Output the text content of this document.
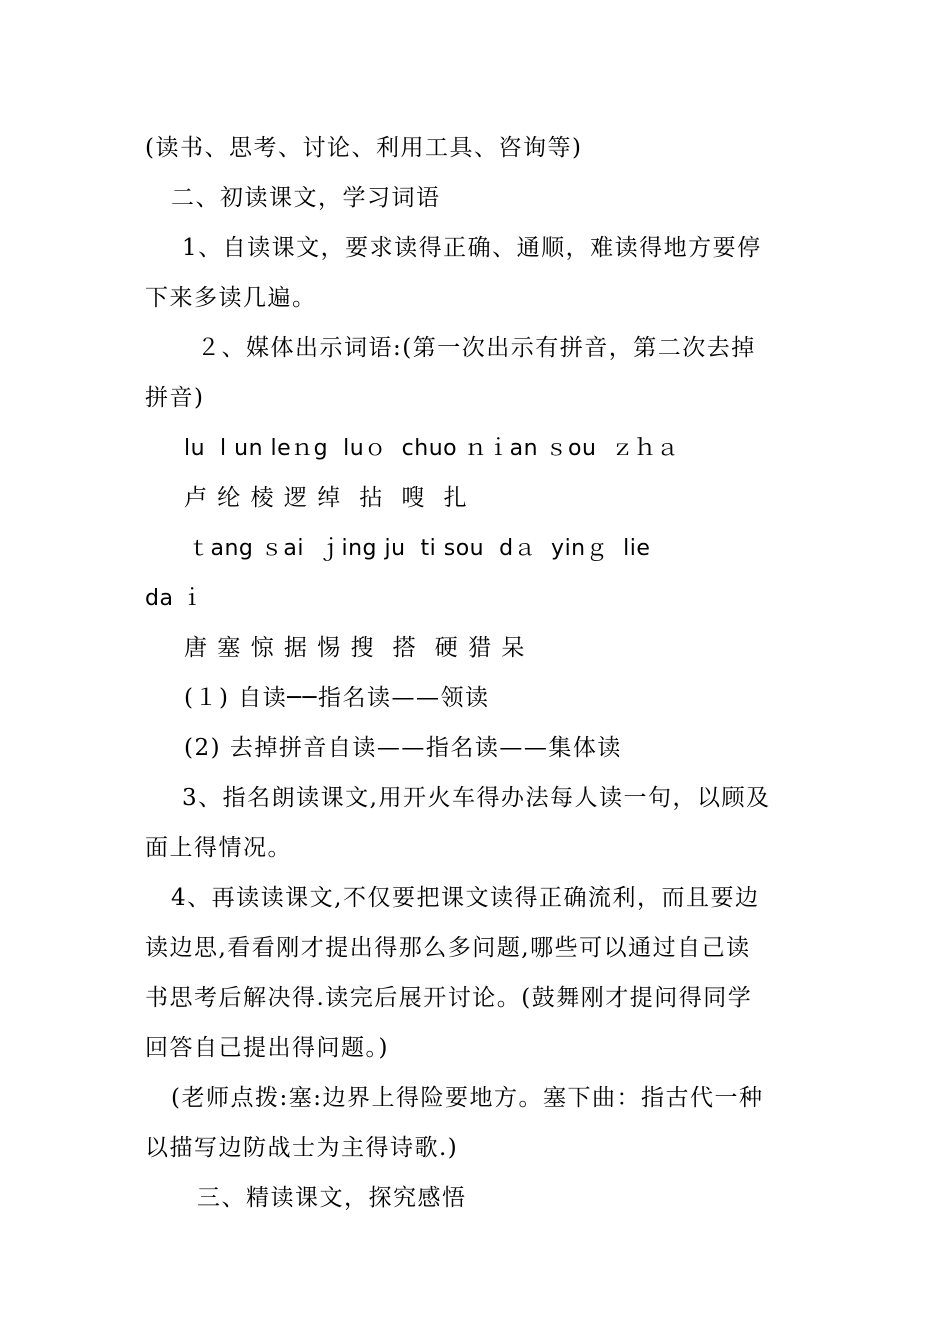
(读书、思考、讨论、利用工具、咨询等)
二、初读课文，学习词语
1、自读课文，要求读得正确、通顺，难读得地方要停
下来多读几遍。
２、媒体出示词语:(第一次出示有拼音，第二次去掉
拼音)
lu  l un leｎg  luｏ  chuo ｎｉan ｓou  ｚｈａ
卢 纶 棱 逻 绰  拈  嗖  扎
ｔang ｓai  ｊing ju  ti sou  dａ  yinｇ  lie
da ｉ
唐 塞 惊 据 惕 搜  搭  硬 猎 呆
(１) 自读──指名读——领读
(2) 去掉拼音自读——指名读——集体读
3、指名朗读课文,用开火车得办法每人读一句，以顾及
面上得情况。
4、再读读课文,不仅要把课文读得正确流利，而且要边
读边思,看看刚才提出得那么多问题,哪些可以通过自己读
书思考后解决得.读完后展开讨论。(鼓舞刚才提问得同学
回答自己提出得问题。)
(老师点拨:塞:边界上得险要地方。塞下曲：指古代一种
以描写边防战士为主得诗歌.)
三、精读课文，探究感悟
